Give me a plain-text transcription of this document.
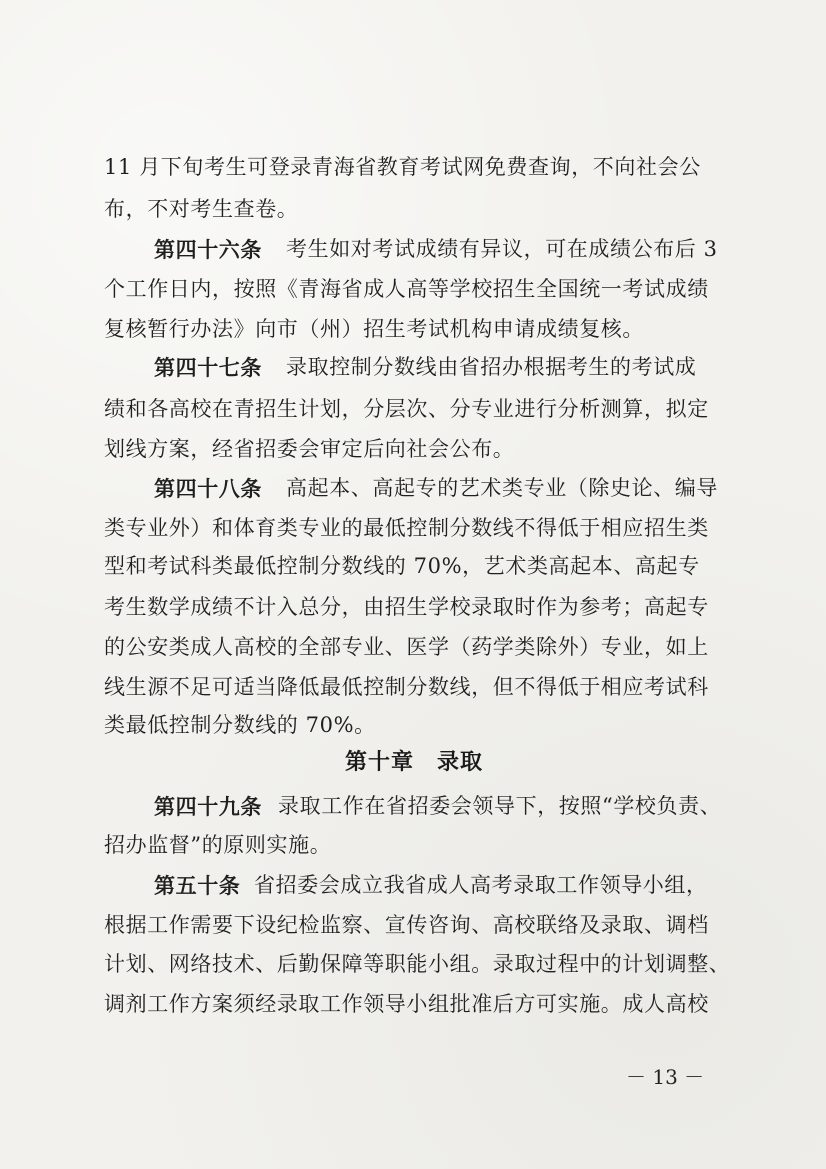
11 月下旬考生可登录青海省教育考试网免费查询，不向社会公
布，不对考生查卷。
第四十六条 考生如对考试成绩有异议，可在成绩公布后 3
个工作日内，按照《青海省成人高等学校招生全国统一考试成绩
复核暂行办法》向市（州）招生考试机构申请成绩复核。
第四十七条 录取控制分数线由省招办根据考生的考试成
绩和各高校在青招生计划，分层次、分专业进行分析测算，拟定
划线方案，经省招委会审定后向社会公布。
第四十八条 高起本、高起专的艺术类专业（除史论、编导
类专业外）和体育类专业的最低控制分数线不得低于相应招生类
型和考试科类最低控制分数线的 70%，艺术类高起本、高起专
考生数学成绩不计入总分，由招生学校录取时作为参考；高起专
的公安类成人高校的全部专业、医学（药学类除外）专业，如上
线生源不足可适当降低最低控制分数线，但不得低于相应考试科
类最低控制分数线的 70%。
第十章　录取
第四十九条 录取工作在省招委会领导下，按照“学校负责、
招办监督”的原则实施。
第五十条 省招委会成立我省成人高考录取工作领导小组，
根据工作需要下设纪检监察、宣传咨询、高校联络及录取、调档
计划、网络技术、后勤保障等职能小组。录取过程中的计划调整、
调剂工作方案须经录取工作领导小组批准后方可实施。成人高校
－ 13 －
